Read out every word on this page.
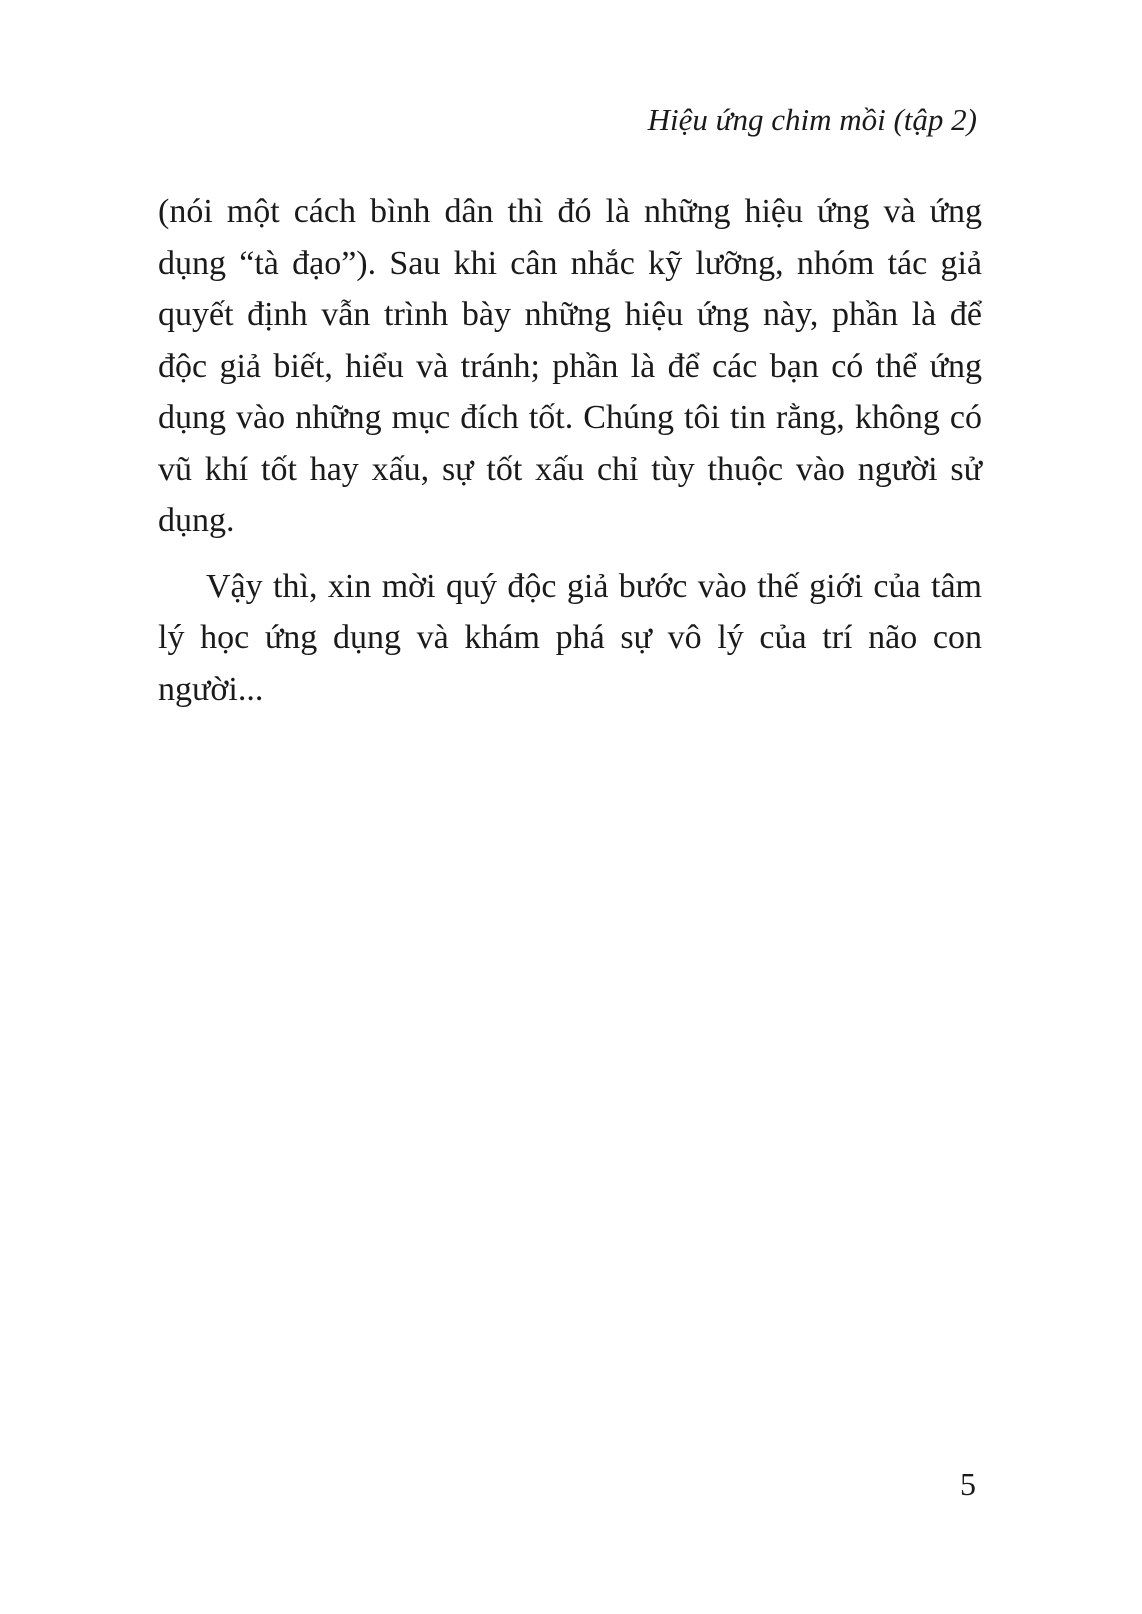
Hiệu ứng chim mồi (tập 2)

(nói một cách bình dân thì đó là những hiệu ứng và ứng dụng “tà đạo”). Sau khi cân nhắc kỹ lưỡng, nhóm tác giả quyết định vẫn trình bày những hiệu ứng này, phần là để độc giả biết, hiểu và tránh; phần là để các bạn có thể ứng dụng vào những mục đích tốt. Chúng tôi tin rằng, không có vũ khí tốt hay xấu, sự tốt xấu chỉ tùy thuộc vào người sử dụng.

Vậy thì, xin mời quý độc giả bước vào thế giới của tâm lý học ứng dụng và khám phá sự vô lý của trí não con người...

5
